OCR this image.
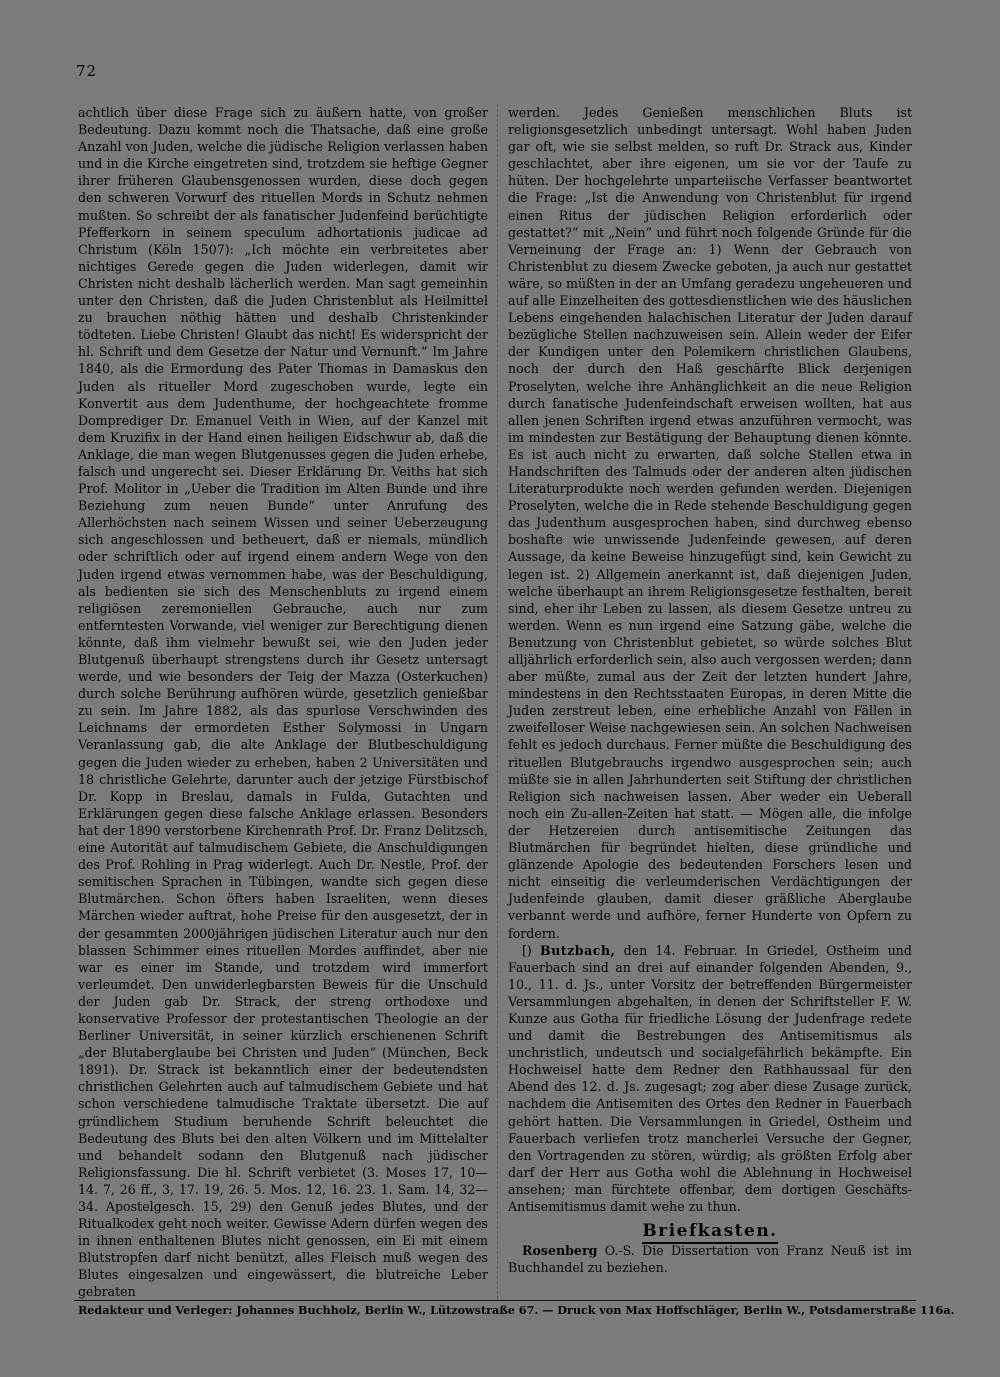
72

achtlich über diese Frage sich zu äußern hatte, von großer Bedeutung. Dazu kommt noch die Thatsache, daß eine große Anzahl von Juden, welche die jüdische Religion verlassen haben und in die Kirche eingetreten sind, trotzdem sie heftige Gegner ihrer früheren Glaubensgenossen wurden, diese doch gegen den schweren Vorwurf des rituellen Mords in Schutz nehmen mußten. So schreibt der als fanatischer Judenfeind berüchtigte Pfefferkorn in seinem speculum adhortationis judicae ad Christum (Köln 1507): „Ich möchte ein verbreitetes aber nichtiges Gerede gegen die Juden widerlegen, damit wir Christen nicht deshalb lächerlich werden. Man sagt gemeinhin unter den Christen, daß die Juden Christenblut als Heilmittel zu brauchen nöthig hätten und deshalb Christenkinder tödteten. Liebe Christen! Glaubt das nicht! Es widerspricht der hl. Schrift und dem Gesetze der Natur und Vernunft.“ Im Jahre 1840, als die Ermordung des Pater Thomas in Damaskus den Juden als ritueller Mord zugeschoben wurde, legte ein Konvertit aus dem Judenthume, der hochgeachtete fromme Domprediger Dr. Emanuel Veith in Wien, auf der Kanzel mit dem Kruzifix in der Hand einen heiligen Eidschwur ab, daß die Anklage, die man wegen Blutgenusses gegen die Juden erhebe, falsch und ungerecht sei. Dieser Erklärung Dr. Veiths hat sich Prof. Molitor in „Ueber die Tradition im Alten Bunde und ihre Beziehung zum neuen Bunde“ unter Anrufung des Allerhöchsten nach seinem Wissen und seiner Ueberzeugung sich angeschlossen und betheuert, daß er niemals, mündlich oder schriftlich oder auf irgend einem andern Wege von den Juden irgend etwas vernommen habe, was der Beschuldigung, als bedienten sie sich des Menschenbluts zu irgend einem religiösen zeremoniellen Gebrauche, auch nur zum entferntesten Vorwande, viel weniger zur Berechtigung dienen könnte, daß ihm vielmehr bewußt sei, wie den Juden jeder Blutgenuß überhaupt strengstens durch ihr Gesetz untersagt werde, und wie besonders der Teig der Mazza (Osterkuchen) durch solche Berührung aufhören würde, gesetzlich genießbar zu sein. Im Jahre 1882, als das spurlose Verschwinden des Leichnams der ermordeten Esther Solymossi in Ungarn Veranlassung gab, die alte Anklage der Blutbeschuldigung gegen die Juden wieder zu erheben, haben 2 Universitäten und 18 christliche Gelehrte, darunter auch der jetzige Fürstbischof Dr. Kopp in Breslau, damals in Fulda, Gutachten und Erklärungen gegen diese falsche Anklage erlassen. Besonders hat der 1890 verstorbene Kirchenrath Prof. Dr. Franz Delitzsch, eine Autorität auf talmudischem Gebiete, die Anschuldigungen des Prof. Rohling in Prag widerlegt. Auch Dr. Nestle, Prof. der semitischen Sprachen in Tübingen, wandte sich gegen diese Blutmärchen. Schon öfters haben Israeliten, wenn dieses Märchen wieder auftrat, hohe Preise für den ausgesetzt, der in der gesammten 2000jährigen jüdischen Literatur auch nur den blassen Schimmer eines rituellen Mordes auffindet, aber nie war es einer im Stande, und trotzdem wird immerfort verleumdet. Den unwiderlegbarsten Beweis für die Unschuld der Juden gab Dr. Strack, der streng orthodoxe und konservative Professor der protestantischen Theologie an der Berliner Universität, in seiner kürzlich erschienenen Schrift „der Blutaberglaube bei Christen und Juden“ (München, Beck 1891). Dr. Strack ist bekanntlich einer der bedeutendsten christlichen Gelehrten auch auf talmudischem Gebiete und hat schon verschiedene talmudische Traktate übersetzt. Die auf gründlichem Studium beruhende Schrift beleuchtet die Bedeutung des Bluts bei den alten Völkern und im Mittelalter und behandelt sodann den Blutgenuß nach jüdischer Religionsfassung. Die hl. Schrift verbietet (3. Moses 17, 10—14. 7, 26 ff., 3, 17. 19, 26. 5. Mos. 12, 16. 23. 1. Sam. 14, 32—34. Apostelgesch. 15, 29) den Genuß jedes Blutes, und der Ritualkodex geht noch weiter. Gewisse Adern dürfen wegen des in ihnen enthaltenen Blutes nicht genossen, ein Ei mit einem Blutstropfen darf nicht benützt, alles Fleisch muß wegen des Blutes eingesalzen und eingewässert, die blutreiche Leber gebraten

werden. Jedes Genießen menschlichen Bluts ist religionsgesetzlich unbedingt untersagt. Wohl haben Juden gar oft, wie sie selbst melden, so ruft Dr. Strack aus, Kinder geschlachtet, aber ihre eigenen, um sie vor der Taufe zu hüten. Der hochgelehrte unparteiische Verfasser beantwortet die Frage: „Ist die Anwendung von Christenblut für irgend einen Ritus der jüdischen Religion erforderlich oder gestattet?“ mit „Nein“ und führt noch folgende Gründe für die Verneinung der Frage an: 1) Wenn der Gebrauch von Christenblut zu diesem Zwecke geboten, ja auch nur gestattet wäre, so müßten in der an Umfang geradezu ungeheueren und auf alle Einzelheiten des gottesdienstlichen wie des häuslichen Lebens eingehenden halachischen Literatur der Juden darauf bezügliche Stellen nachzuweisen sein. Allein weder der Eifer der Kundigen unter den Polemikern christlichen Glaubens, noch der durch den Haß geschärfte Blick derjenigen Proselyten, welche ihre Anhänglichkeit an die neue Religion durch fanatische Judenfeindschaft erweisen wollten, hat aus allen jenen Schriften irgend etwas anzuführen vermocht, was im mindesten zur Bestätigung der Behauptung dienen könnte. Es ist auch nicht zu erwarten, daß solche Stellen etwa in Handschriften des Talmuds oder der anderen alten jüdischen Literaturprodukte noch werden gefunden werden. Diejenigen Proselyten, welche die in Rede stehende Beschuldigung gegen das Judenthum ausgesprochen haben, sind durchweg ebenso boshafte wie unwissende Judenfeinde gewesen, auf deren Aussage, da keine Beweise hinzugefügt sind, kein Gewicht zu legen ist. 2) Allgemein anerkannt ist, daß diejenigen Juden, welche überhaupt an ihrem Religionsgesetze festhalten, bereit sind, eher ihr Leben zu lassen, als diesem Gesetze untreu zu werden. Wenn es nun irgend eine Satzung gäbe, welche die Benutzung von Christenblut gebietet, so würde solches Blut alljährlich erforderlich sein, also auch vergossen werden; dann aber müßte, zumal aus der Zeit der letzten hundert Jahre, mindestens in den Rechtsstaaten Europas, in deren Mitte die Juden zerstreut leben, eine erhebliche Anzahl von Fällen in zweifelloser Weise nachgewiesen sein. An solchen Nachweisen fehlt es jedoch durchaus. Ferner müßte die Beschuldigung des rituellen Blutgebrauchs irgendwo ausgesprochen sein; auch müßte sie in allen Jahrhunderten seit Stiftung der christlichen Religion sich nachweisen lassen. Aber weder ein Ueberall noch ein Zu-allen-Zeiten hat statt. — Mögen alle, die infolge der Hetzereien durch antisemitische Zeitungen das Blutmärchen für begründet hielten, diese gründliche und glänzende Apologie des bedeutenden Forschers lesen und nicht einseitig die verleumderischen Verdächtigungen der Judenfeinde glauben, damit dieser gräßliche Aberglaube verbannt werde und aufhöre, ferner Hunderte von Opfern zu fordern.

[) Butzbach, den 14. Februar. In Griedel, Ostheim und Fauerbach sind an drei auf einander folgenden Abenden, 9., 10., 11. d. Js., unter Vorsitz der betreffenden Bürgermeister Versammlungen abgehalten, in denen der Schriftsteller F. W. Kunze aus Gotha für friedliche Lösung der Judenfrage redete und damit die Bestrebungen des Antisemitismus als unchristlich, undeutsch und socialgefährlich bekämpfte. Ein Hochweisel hatte dem Redner den Rathhaussaal für den Abend des 12. d. Js. zugesagt; zog aber diese Zusage zurück, nachdem die Antisemiten des Ortes den Redner in Fauerbach gehört hatten. Die Versammlungen in Griedel, Ostheim und Fauerbach verliefen trotz mancherlei Versuche der Gegner, den Vortragenden zu stören, würdig; als größten Erfolg aber darf der Herr aus Gotha wohl die Ablehnung in Hochweisel ansehen; man fürchtete offenbar, dem dortigen Geschäfts-Antisemitismus damit wehe zu thun.

Briefkasten.

Rosenberg O.-S. Die Dissertation von Franz Neuß ist im Buchhandel zu beziehen.

Redakteur und Verleger: Johannes Buchholz, Berlin W., Lützowstraße 67. — Druck von Max Hoffschläger, Berlin W., Potsdamerstraße 116a.
